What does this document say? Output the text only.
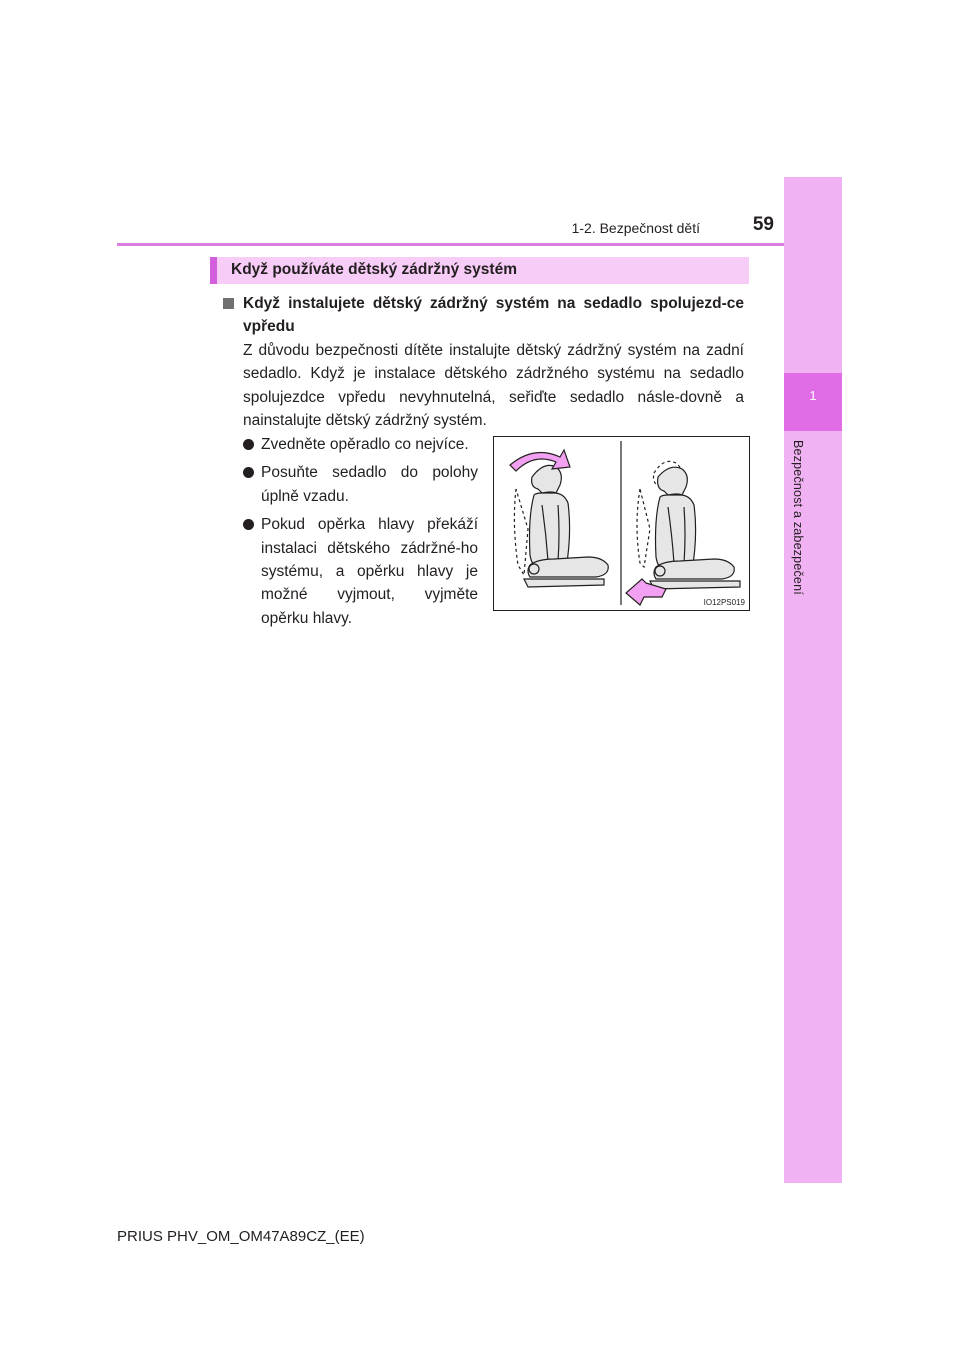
1
Bezpečnost a zabezpečení
1-2. Bezpečnost dětí	59
Když používáte dětský zádržný systém
Když instalujete dětský zádržný systém na sedadlo spolujezd-ce vpředu
Z důvodu bezpečnosti dítěte instalujte dětský zádržný systém na zadní sedadlo. Když je instalace dětského zádržného systému na sedadlo spolujezdce vpředu nevyhnutelná, seřiďte sedadlo násle-dovně a nainstalujte dětský zádržný systém.
Zvedněte opěradlo co nejvíce.
Posuňte sedadlo do polohy úplně vzadu.
Pokud opěrka hlavy překáží instalaci dětského zádržné-ho systému, a opěrku hlavy je možné vyjmout, vyjměte opěrku hlavy.
IO12PS019
PRIUS PHV_OM_OM47A89CZ_(EE)
